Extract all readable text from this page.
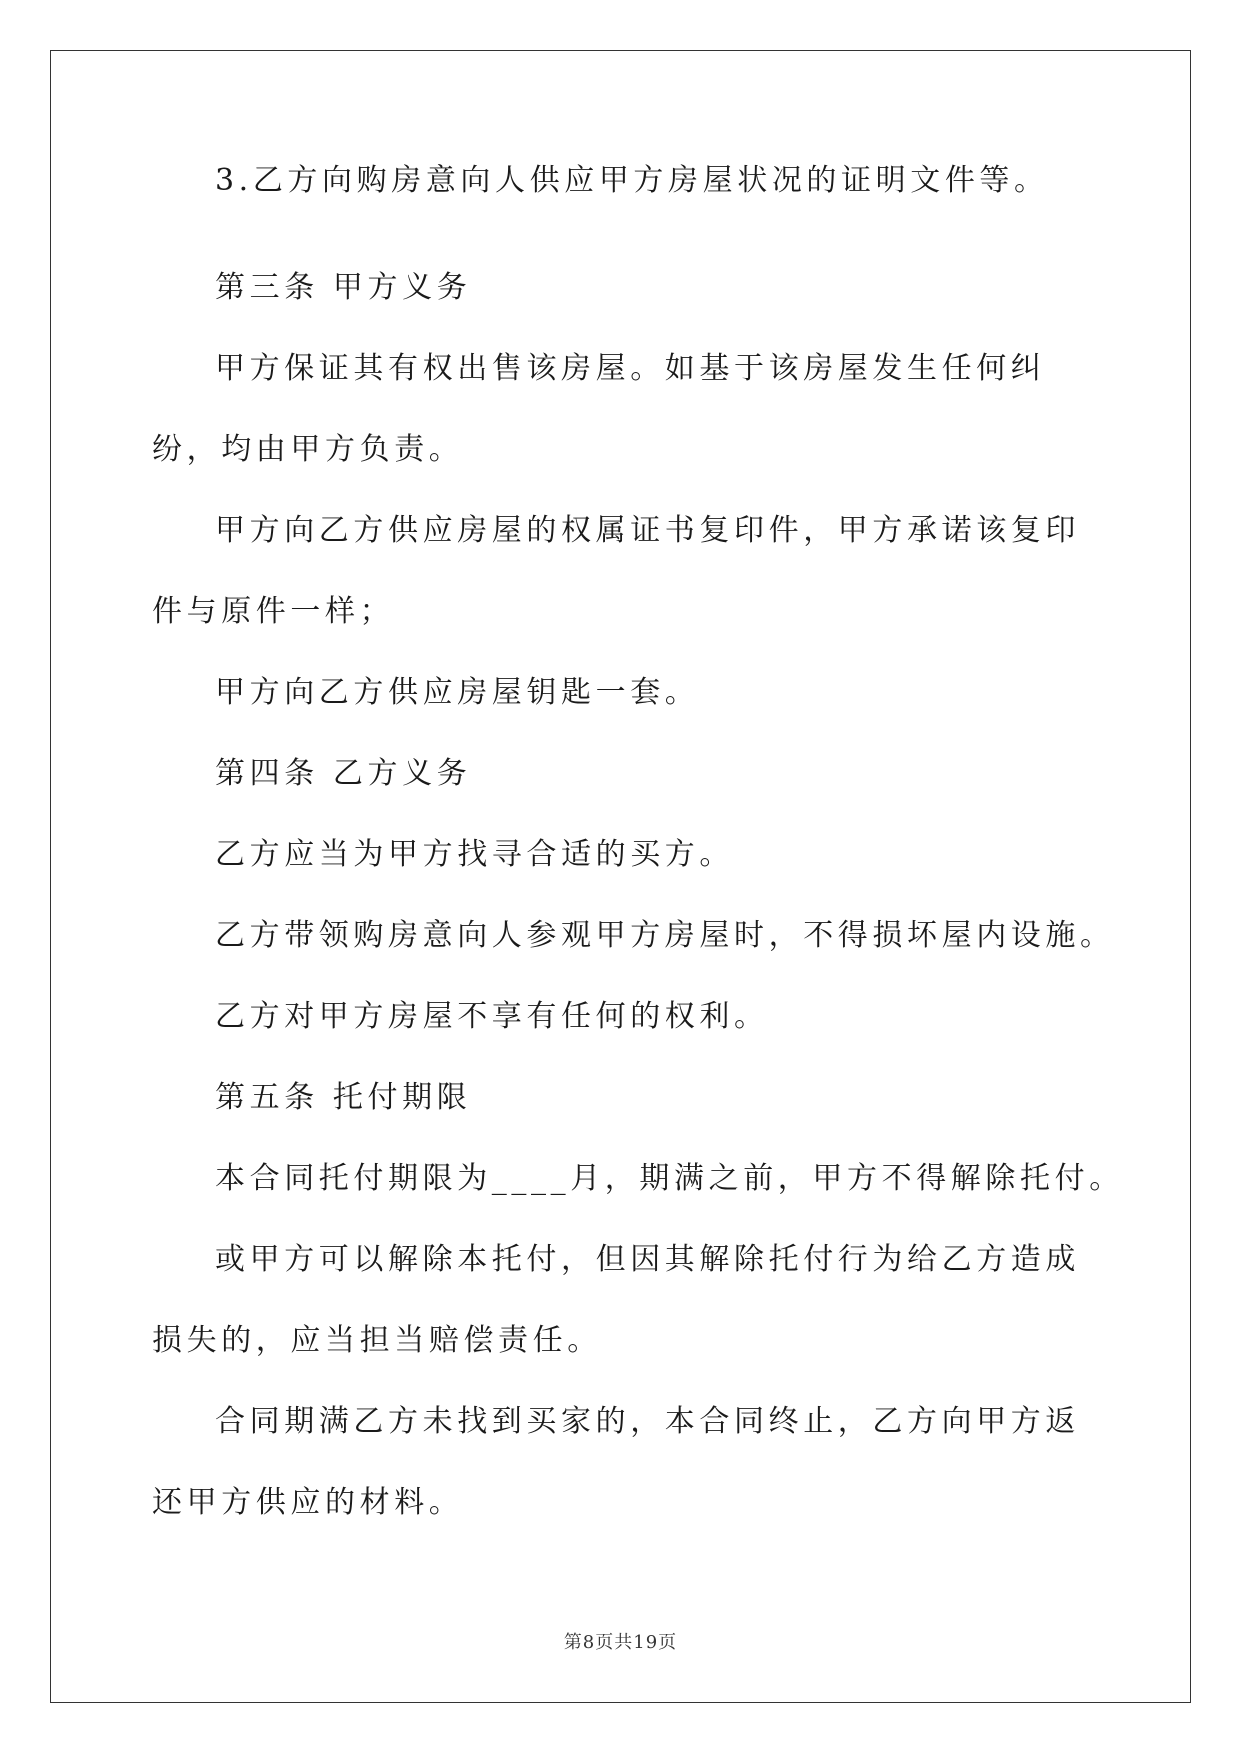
3.乙方向购房意向人供应甲方房屋状况的证明文件等。

第三条 甲方义务

甲方保证其有权出售该房屋。如基于该房屋发生任何纠纷，均由甲方负责。

甲方向乙方供应房屋的权属证书复印件，甲方承诺该复印件与原件一样；

甲方向乙方供应房屋钥匙一套。

第四条 乙方义务

乙方应当为甲方找寻合适的买方。

乙方带领购房意向人参观甲方房屋时，不得损坏屋内设施。

乙方对甲方房屋不享有任何的权利。

第五条 托付期限

本合同托付期限为____月，期满之前，甲方不得解除托付。

或甲方可以解除本托付，但因其解除托付行为给乙方造成损失的，应当担当赔偿责任。

合同期满乙方未找到买家的，本合同终止，乙方向甲方返还甲方供应的材料。

第8页共19页
